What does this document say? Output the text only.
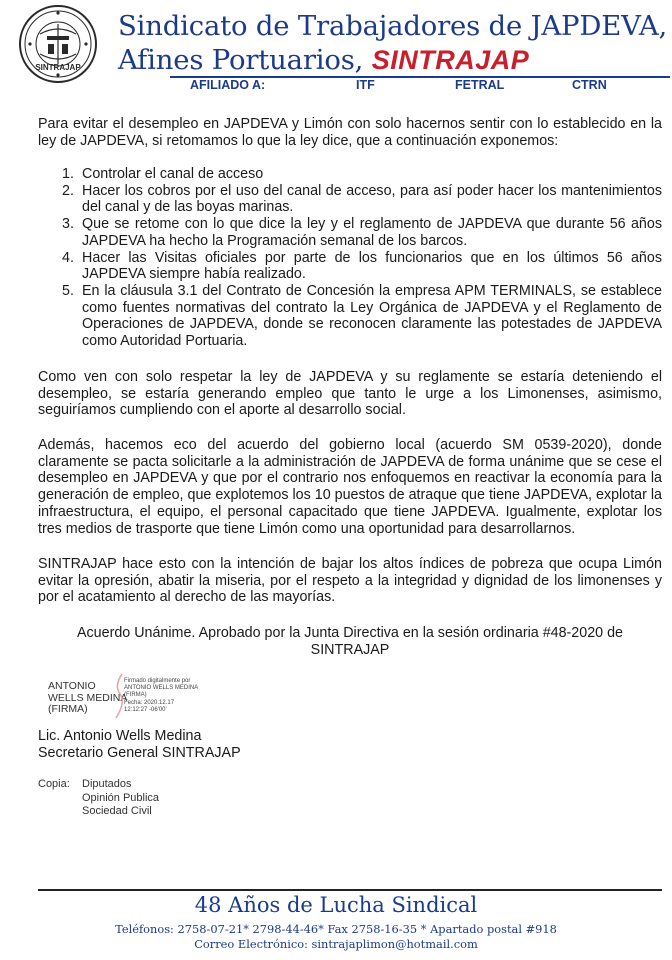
SINTRAJAP
Sindicato de Trabajadores de JAPDEVA,
Afines Portuarios, SINTRAJAP
AFILIADO A:	ITF	FETRAL	CTRN
Para evitar el desempleo en JAPDEVA y Limón con solo hacernos sentir con lo establecido en la ley de JAPDEVA, si retomamos lo que la ley dice, que a continuación exponemos:
1. Controlar el canal de acceso
2. Hacer los cobros por el uso del canal de acceso, para así poder hacer los mantenimientos del canal y de las boyas marinas.
3. Que se retome con lo que dice la ley y el reglamento de JAPDEVA que durante 56 años JAPDEVA ha hecho la Programación semanal de los barcos.
4. Hacer las Visitas oficiales por parte de los funcionarios que en los últimos 56 años JAPDEVA siempre había realizado.
5. En la cláusula 3.1 del Contrato de Concesión la empresa APM TERMINALS, se establece como fuentes normativas del contrato la Ley Orgánica de JAPDEVA y el Reglamento de Operaciones de JAPDEVA, donde se reconocen claramente las potestades de JAPDEVA como Autoridad Portuaria.
Como ven con solo respetar la ley de JAPDEVA y su reglamente se estaría deteniendo el desempleo, se estaría generando empleo que tanto le urge a los Limonenses, asimismo, seguiríamos cumpliendo con el aporte al desarrollo social.
Además, hacemos eco del acuerdo del gobierno local (acuerdo SM 0539-2020), donde claramente se pacta solicitarle a la administración de JAPDEVA de forma unánime que se cese el desempleo en JAPDEVA y que por el contrario nos enfoquemos en reactivar la economía para la generación de empleo, que explotemos los 10 puestos de atraque que tiene JAPDEVA, explotar la infraestructura, el equipo, el personal capacitado que tiene JAPDEVA. Igualmente, explotar los tres medios de trasporte que tiene Limón como una oportunidad para desarrollarnos.
SINTRAJAP hace esto con la intención de bajar los altos índices de pobreza que ocupa Limón evitar la opresión, abatir la miseria, por el respeto a la integridad y dignidad de los limonenses y por el acatamiento al derecho de las mayorías.
Acuerdo Unánime. Aprobado por la Junta Directiva en la sesión ordinaria #48-2020 de
SINTRAJAP
ANTONIO
WELLS MEDINA
(FIRMA)
Firmado digitalmente por
ANTONIO WELLS MEDINA
(FIRMA)
Fecha: 2020.12.17
12:12:27 -06'00'
Lic. Antonio Wells Medina
Secretario General SINTRAJAP
Copia: Diputados
Opinión Publica
Sociedad Civil
48 Años de Lucha Sindical
Teléfonos: 2758-07-21* 2798-44-46* Fax 2758-16-35 * Apartado postal #918
Correo Electrónico: sintrajaplimon@hotmail.com
